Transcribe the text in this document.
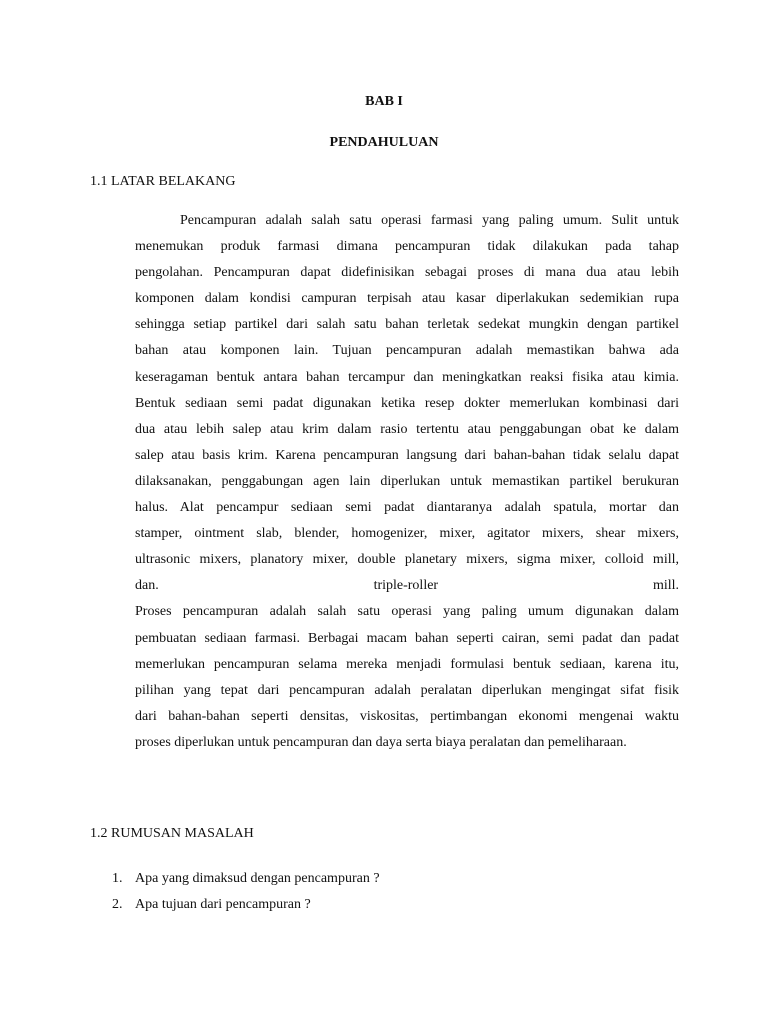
BAB I
PENDAHULUAN
1.1 LATAR BELAKANG
Pencampuran adalah salah satu operasi farmasi yang paling umum. Sulit untuk
menemukan produk farmasi dimana pencampuran tidak dilakukan pada tahap
pengolahan. Pencampuran dapat didefinisikan sebagai proses di mana dua atau lebih
komponen dalam kondisi campuran terpisah atau kasar diperlakukan sedemikian rupa
sehingga setiap partikel dari salah satu bahan terletak sedekat mungkin dengan partikel
bahan atau komponen lain. Tujuan pencampuran adalah memastikan bahwa ada
keseragaman bentuk antara bahan tercampur dan meningkatkan reaksi fisika atau kimia.
Bentuk sediaan semi padat digunakan ketika resep dokter memerlukan kombinasi dari
dua atau lebih salep atau krim dalam rasio tertentu atau penggabungan obat ke dalam
salep atau basis krim. Karena pencampuran langsung dari bahan-bahan tidak selalu dapat
dilaksanakan, penggabungan agen lain diperlukan untuk memastikan partikel berukuran
halus. Alat pencampur sediaan semi padat diantaranya adalah spatula, mortar dan
stamper, ointment slab, blender, homogenizer, mixer, agitator mixers, shear mixers,
ultrasonic mixers, planatory mixer, double planetary mixers, sigma mixer, colloid mill,
dan. triple-roller mill.
Proses pencampuran adalah salah satu operasi yang paling umum digunakan dalam
pembuatan sediaan farmasi. Berbagai macam bahan seperti cairan, semi padat dan padat
memerlukan pencampuran selama mereka menjadi formulasi bentuk sediaan, karena itu,
pilihan yang tepat dari pencampuran adalah peralatan diperlukan mengingat sifat fisik
dari bahan-bahan seperti densitas, viskositas, pertimbangan ekonomi mengenai waktu
proses diperlukan untuk pencampuran dan daya serta biaya peralatan dan pemeliharaan.
1.2 RUMUSAN MASALAH
1. Apa yang dimaksud dengan pencampuran ?
2. Apa tujuan dari pencampuran ?
